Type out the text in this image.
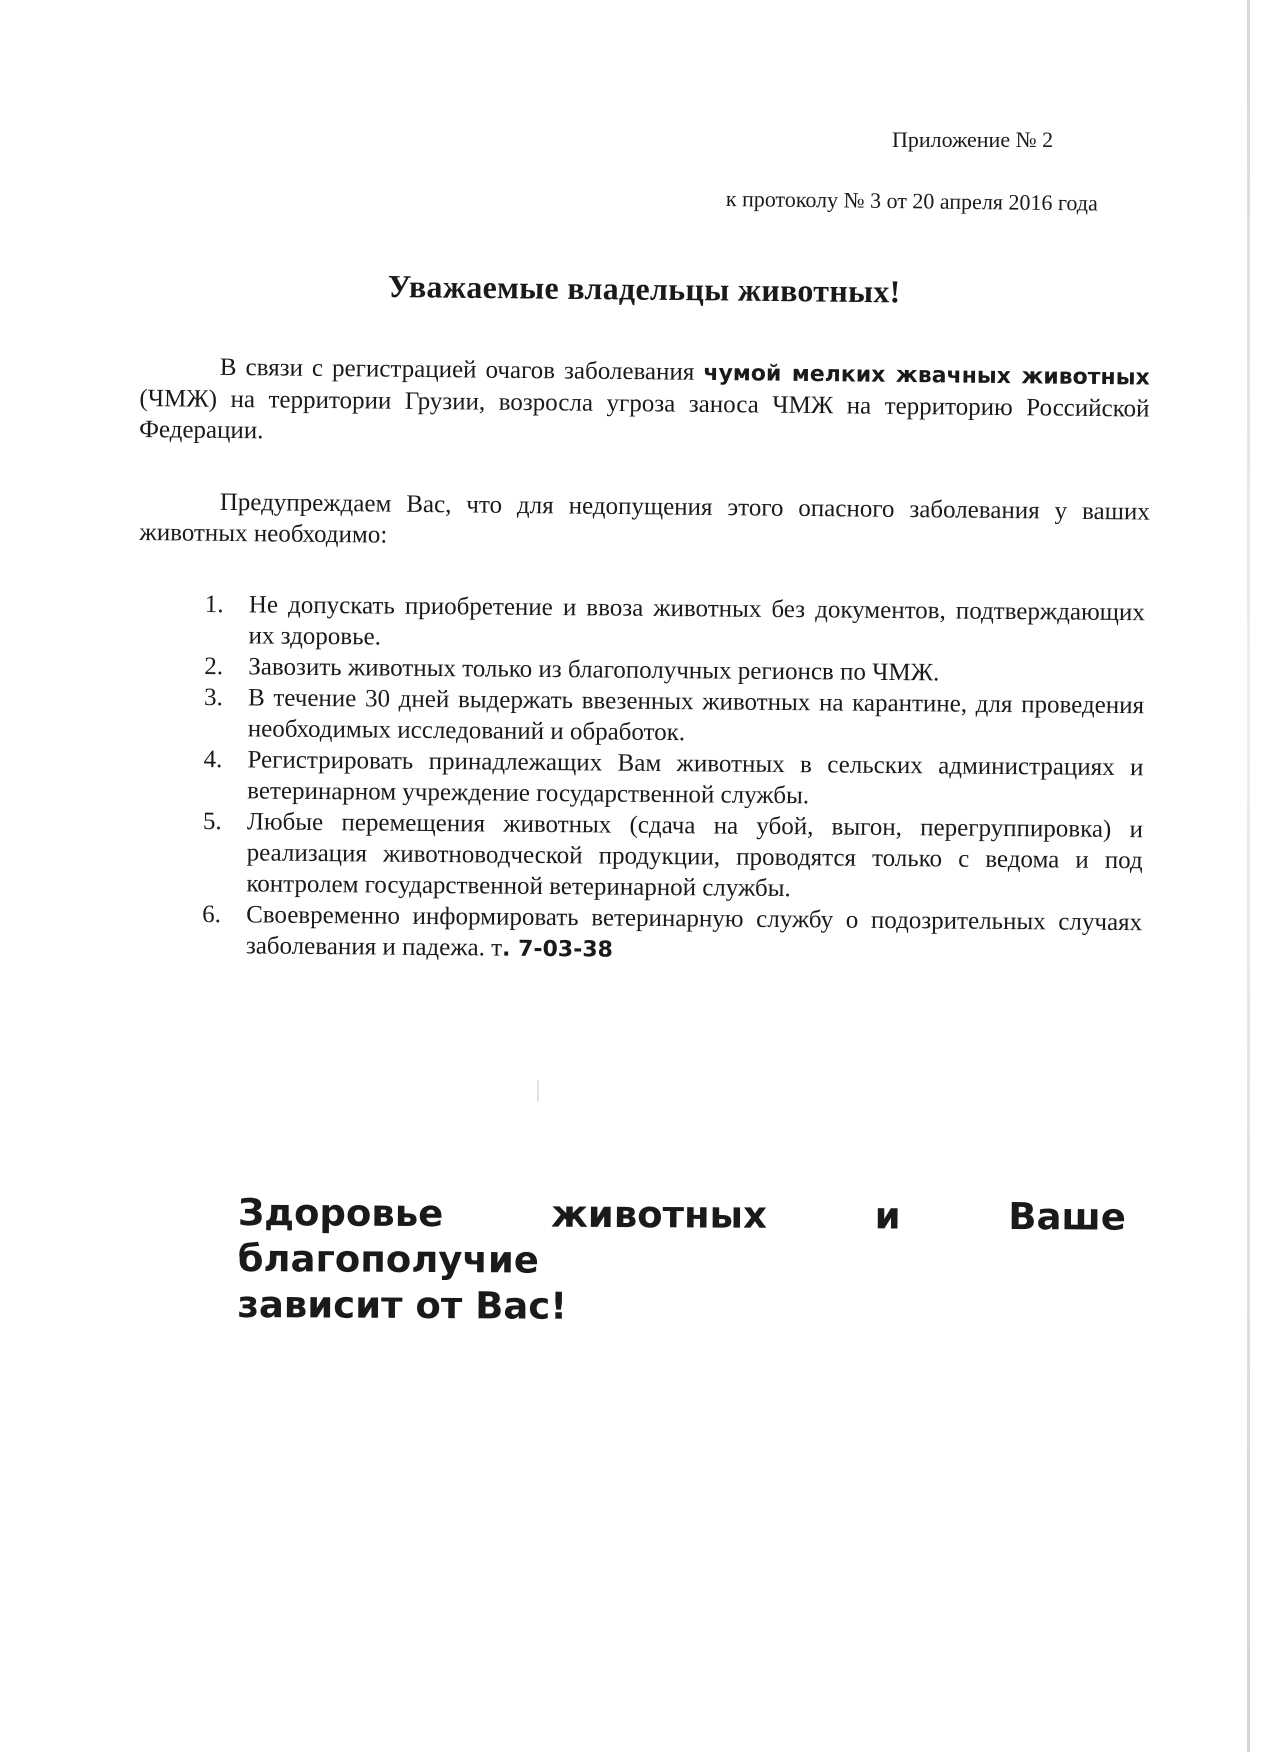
Приложение № 2
к протоколу № 3 от 20 апреля 2016 года
Уважаемые владельцы животных!
В связи с регистрацией очагов заболевания чумой мелких жвачных животных (ЧМЖ) на территории Грузии, возросла угроза заноса ЧМЖ на территорию Российской Федерации.
Предупреждаем Вас, что для недопущения этого опасного заболевания у ваших животных необходимо:
1.	Не допускать приобретение и ввоза животных без документов, подтверждающих их здоровье.
2.	Завозить животных только из благополучных регионсв по ЧМЖ.
3.	В течение 30 дней выдержать ввезенных животных на карантине, для проведения необходимых исследований и обработок.
4.	Регистрировать принадлежащих Вам животных в сельских администрациях и ветеринарном учреждение государственной службы.
5.	Любые перемещения животных (сдача на убой, выгон, перегруппировка) и реализация животноводческой продукции, проводятся только с ведома и под контролем государственной ветеринарной службы.
6.	Своевременно информировать ветеринарную службу о подозрительных случаях заболевания и падежа. т. 7-03-38
Здоровье животных и Ваше благополучие
зависит от Вас!
